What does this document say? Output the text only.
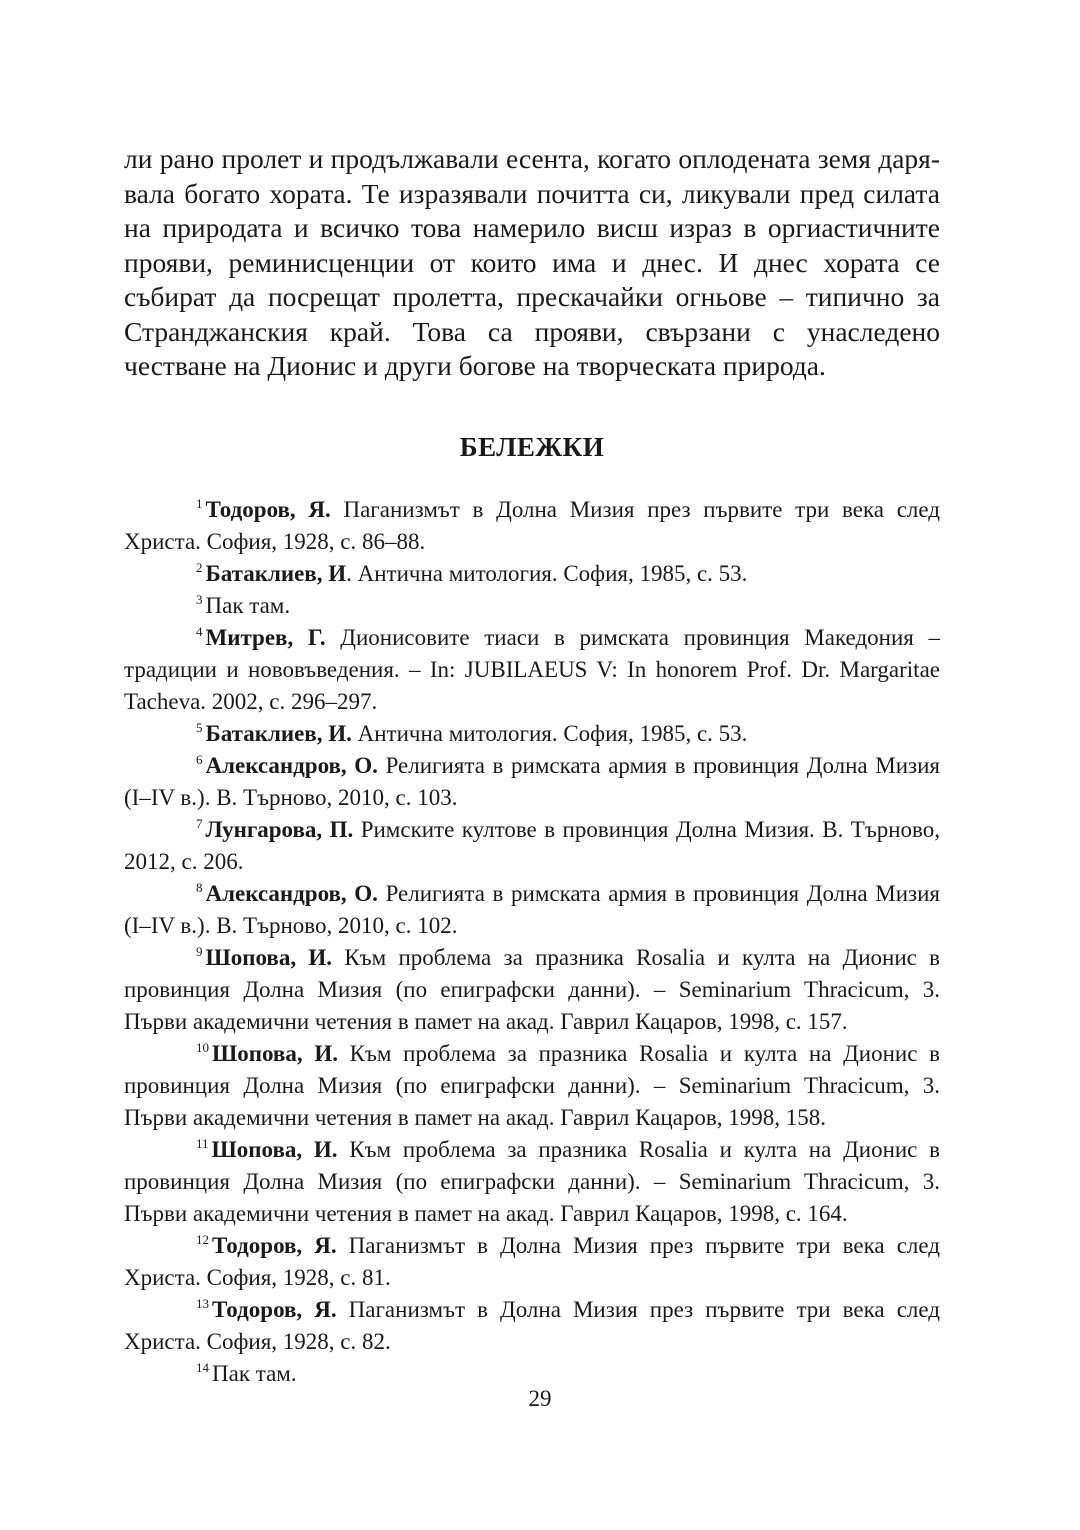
ли рано пролет и продължавали есента, когато оплодената земя дарявала богато хората. Те изразявали почитта си, ликували пред силата на природата и всичко това намерило висш израз в оргиастичните прояви, реминисценции от които има и днес. И днес хората се събират да посрещат пролетта, прескачайки огньове – типично за Странджанския край. Това са прояви, свързани с унаследено честване на Дионис и други богове на творческата природа.

БЕЛЕЖКИ

$^1$ Тодоров, Я. Паганизмът в Долна Мизия през първите три века след Христа. София, 1928, с. 86–88.

$^2$ Батаклиев, И. Антична митология. София, 1985, с. 53.

$^3$ Пак там.

$^4$ Митрев, Г. Дионисовите тиаси в римската провинция Македония – традиции и нововъведения. – In: JUBILAEUS V: In honorem Prof. Dr. Margaritae Tacheva. 2002, с. 296–297.

$^5$ Батаклиев, И. Антична митология. София, 1985, с. 53.

$^6$ Александров, О. Религията в римската армия в провинция Долна Мизия (I–IV в.). В. Търново, 2010, с. 103.

$^7$ Лунгарова, П. Римските култове в провинция Долна Мизия. В. Търново, 2012, с. 206.

$^8$ Александров, О. Религията в римската армия в провинция Долна Мизия (I–IV в.). В. Търново, 2010, с. 102.

$^9$ Шопова, И. Към проблема за празника Rosalia и култа на Дионис в провинция Долна Мизия (по епиграфски данни). – Seminarium Thracicum, 3. Първи академични четения в памет на акад. Гаврил Кацаров, 1998, с. 157.

$^{10}$ Шопова, И. Към проблема за празника Rosalia и култа на Дионис в провинция Долна Мизия (по епиграфски данни). – Seminarium Thracicum, 3. Първи академични четения в памет на акад. Гаврил Кацаров, 1998, 158.

$^{11}$ Шопова, И. Към проблема за празника Rosalia и култа на Дионис в провинция Долна Мизия (по епиграфски данни). – Seminarium Thracicum, 3. Първи академични четения в памет на акад. Гаврил Кацаров, 1998, с. 164.

$^{12}$ Тодоров, Я. Паганизмът в Долна Мизия през първите три века след Христа. София, 1928, с. 81.

$^{13}$ Тодоров, Я. Паганизмът в Долна Мизия през първите три века след Христа. София, 1928, с. 82.

$^{14}$ Пак там.

29
